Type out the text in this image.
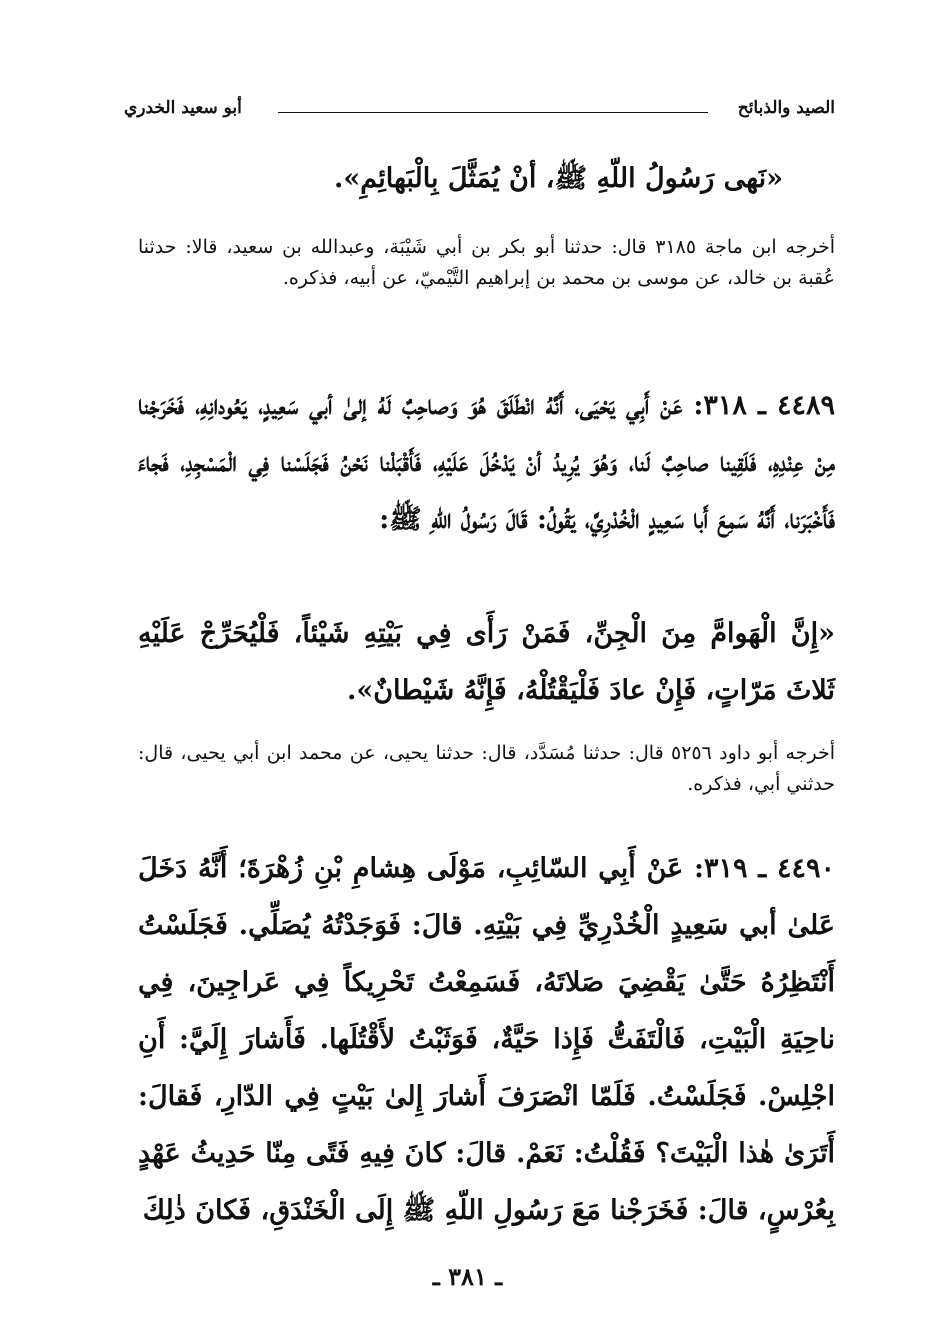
الصيد والذبائح
أبو سعيد الخدري
«نَهى رَسُولُ اللّهِ ﷺ، أنْ يُمَثَّلَ بِالْبَهائِمِ».
أخرجه ابن ماجة ٣١٨٥ قال: حدثنا أبو بكر بن أبي شَيْبَة، وعبدالله بن سعيد، قالا: حدثنا عُقبة بن خالد، عن موسى بن محمد بن إبراهيم التَّيْميّ، عن أبيه، فذكره.
٤٤٨٩ ـ ٣١٨: عَنْ أَبِي يَحْيَى، أَنَّهُ انْطَلَقَ هُوَ وَصاحِبٌ لَهُ إلىٰ أبي سَعِيدٍ، يَعُودانِهِ، فَخَرَجْنا مِنْ عِنْدِهِ، فَلَقِينا صاحِبٌ لَنا، وَهُوَ يُرِيدُ أنْ يَدْخُلَ عَلَيْهِ، فَأَقْبَلْنا نَحْنُ فَجَلَسْنا فِي الْمَسْجِدِ، فَجاءَ فَأَخْبَرَنا، أَنَّهُ سَمِعَ أَبا سَعِيدٍ الْخُدْرِيَّ، يَقُولُ: قَالَ رَسُولُ اللّهِ ﷺ:
«إِنَّ الْهَوامَّ مِنَ الْجِنِّ، فَمَنْ رَأَى فِي بَيْتِهِ شَيْئاً، فَلْيُحَرِّجْ عَلَيْهِ ثَلاثَ مَرّاتٍ، فَإِنْ عادَ فَلْيَقْتُلْهُ، فَإِنَّهُ شَيْطانٌ».
أخرجه أبو داود ٥٢٥٦ قال: حدثنا مُسَدَّد، قال: حدثنا يحيى، عن محمد ابن أبي يحيى، قال: حدثني أبي، فذكره.
٤٤٩٠ ـ ٣١٩: عَنْ أَبِي السّائِبِ، مَوْلَى هِشامِ بْنِ زُهْرَةَ؛ أَنَّهُ دَخَلَ عَلىٰ أبي سَعِيدٍ الْخُدْرِيِّ فِي بَيْتِهِ. قالَ: فَوَجَدْتُهُ يُصَلِّي. فَجَلَسْتُ أَنْتَظِرُهُ حَتَّىٰ يَقْضِيَ صَلاتَهُ، فَسَمِعْتُ تَحْرِيكاً فِي عَراجِينَ، فِي ناحِيَةِ الْبَيْتِ، فَالْتَفَتُّ فَإِذا حَيَّةٌ، فَوَثَبْتُ لأَقْتُلَها. فَأَشارَ إِلَيَّ: أَنِ اجْلِسْ. فَجَلَسْتُ. فَلَمّا انْصَرَفَ أَشارَ إِلىٰ بَيْتٍ فِي الدّارِ، فَقالَ: أَتَرَىٰ هٰذا الْبَيْتَ؟ فَقُلْتُ: نَعَمْ. قالَ: كانَ فِيهِ فَتًى مِنّا حَدِيثُ عَهْدٍ بِعُرْسٍ، قالَ: فَخَرَجْنا مَعَ رَسُولِ اللّهِ ﷺ إِلَى الْخَنْدَقِ، فَكانَ ذٰلِكَ
ـ ٣٨١ ـ
